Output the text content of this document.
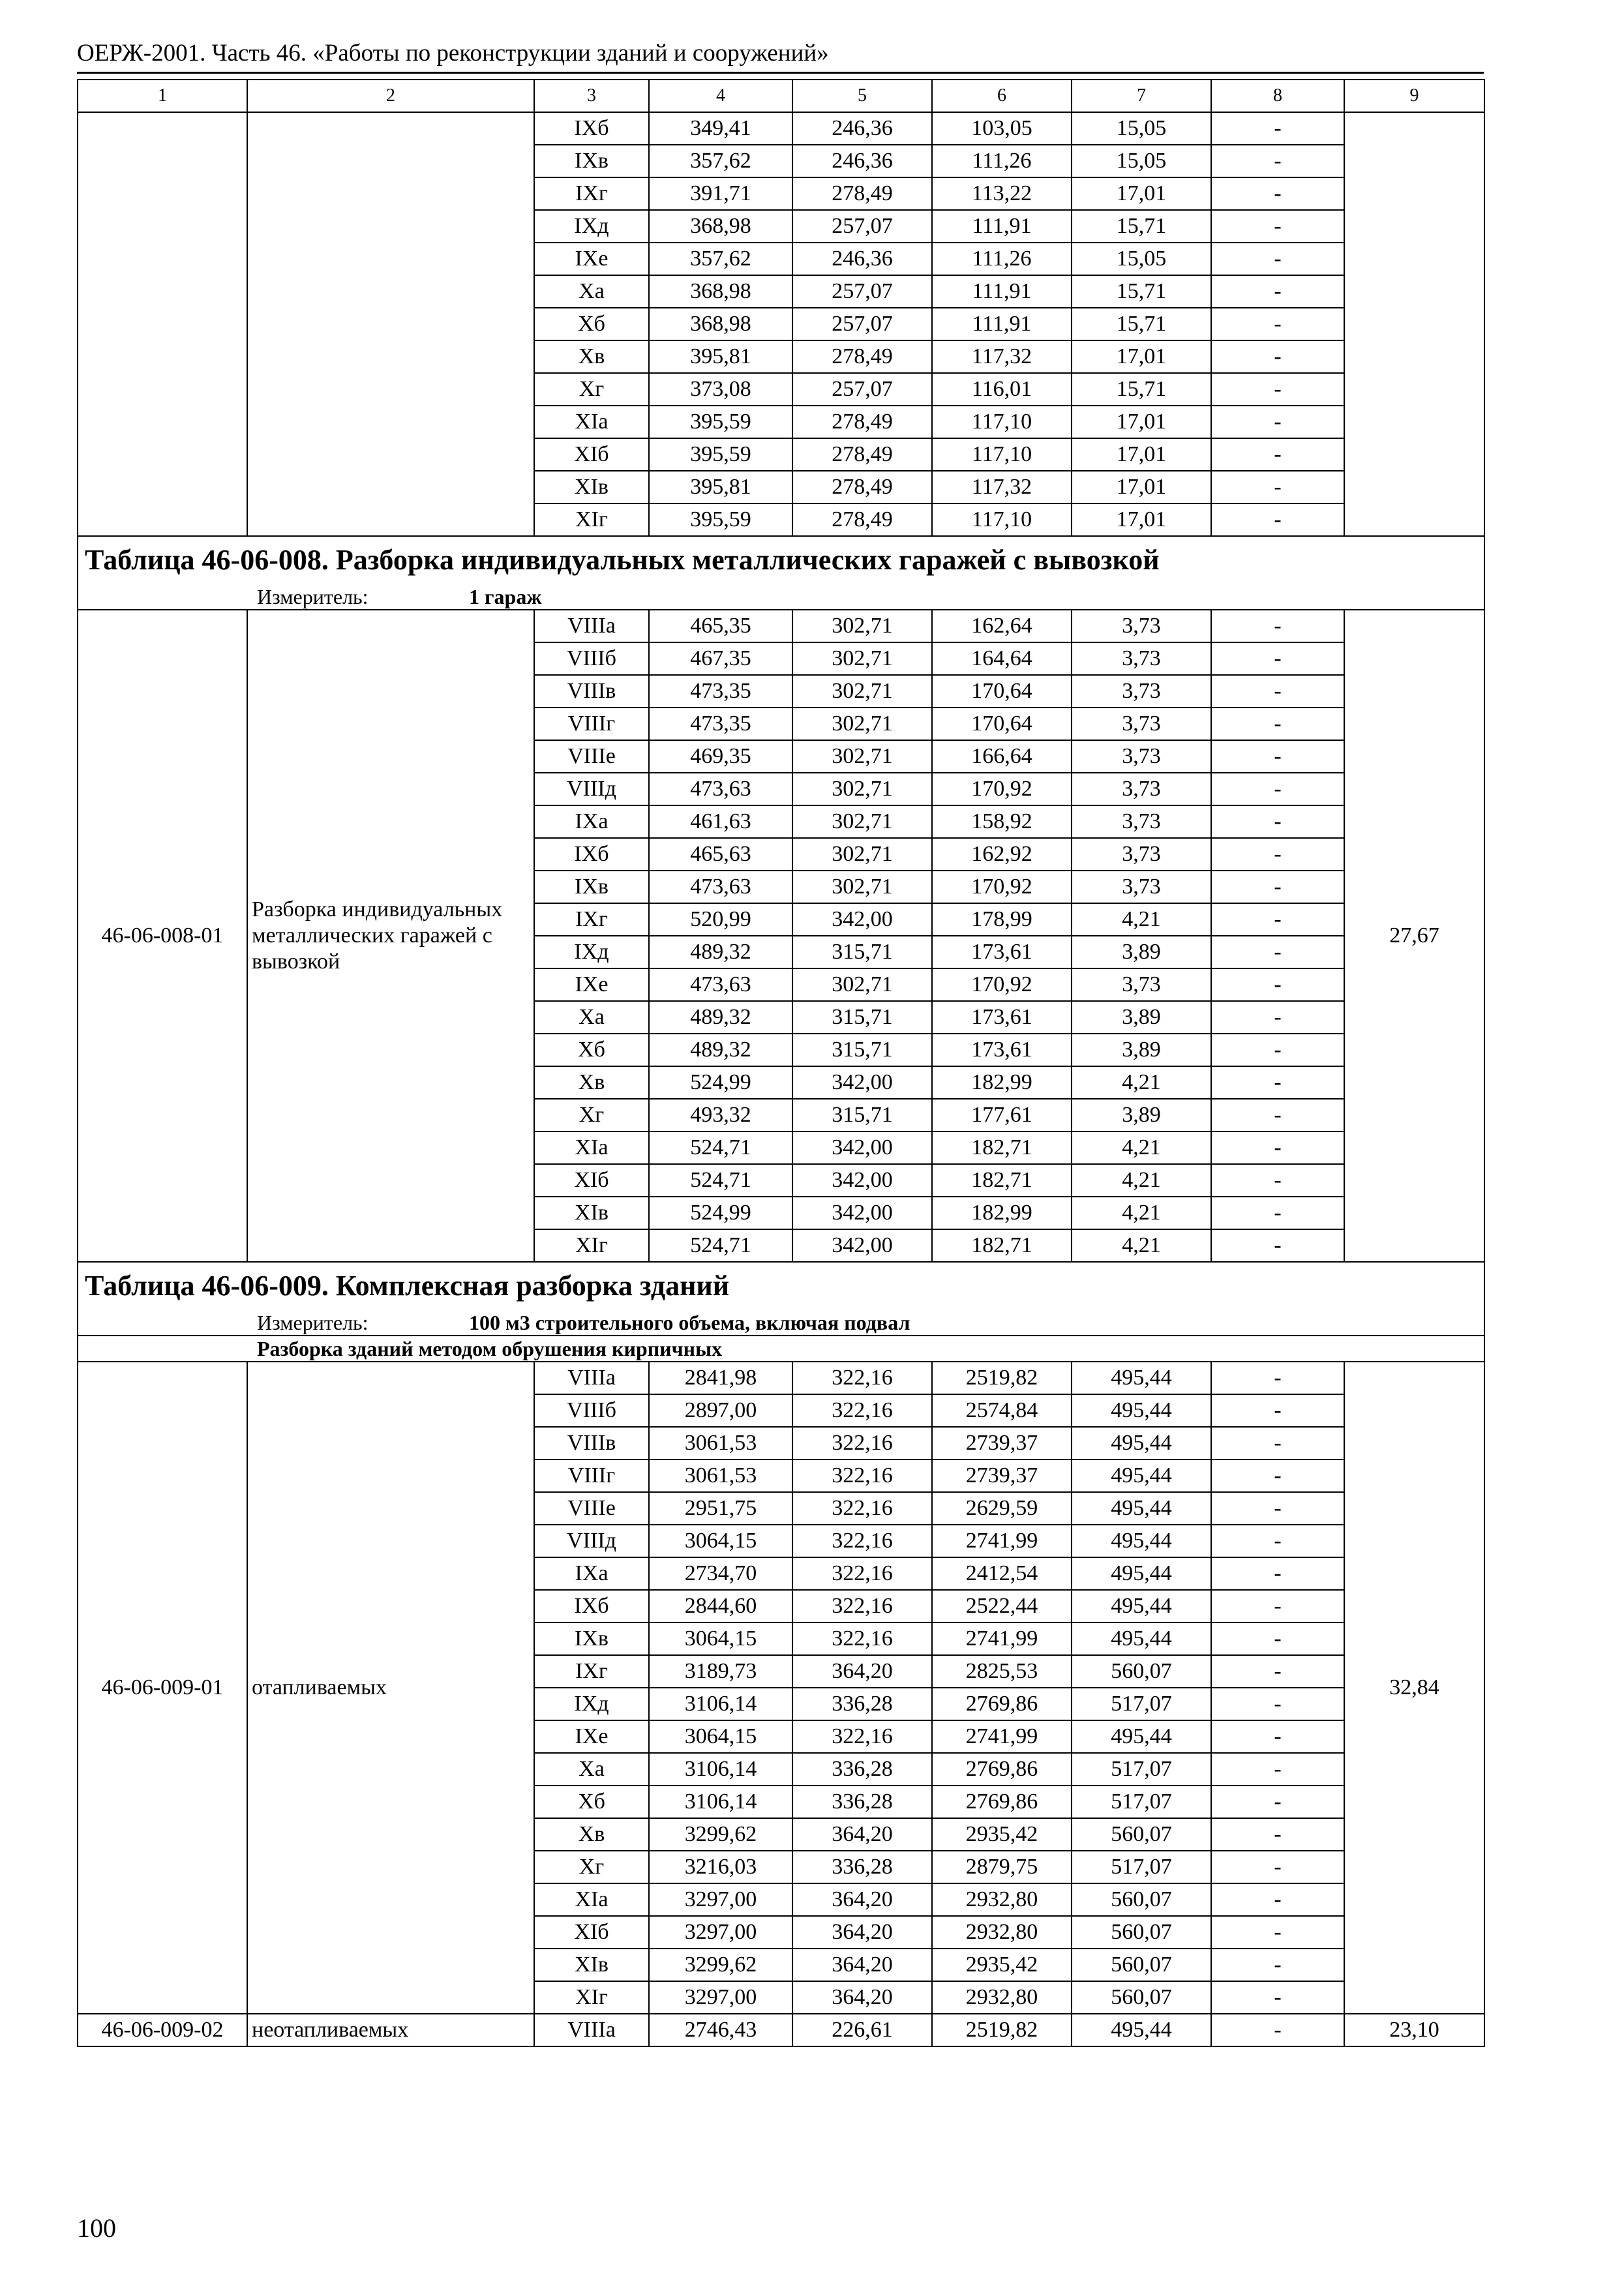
ОЕРЖ-2001. Часть 46. «Работы по реконструкции зданий и сооружений»
1	2	3	4	5	6	7	8	9
		IXб	349,41	246,36	103,05	15,05	-	
		IXв	357,62	246,36	111,26	15,05	-	
		IXг	391,71	278,49	113,22	17,01	-	
		IXд	368,98	257,07	111,91	15,71	-	
		IXе	357,62	246,36	111,26	15,05	-	
		Xa	368,98	257,07	111,91	15,71	-	
		Xб	368,98	257,07	111,91	15,71	-	
		Xв	395,81	278,49	117,32	17,01	-	
		Xг	373,08	257,07	116,01	15,71	-	
		XIa	395,59	278,49	117,10	17,01	-	
		XIб	395,59	278,49	117,10	17,01	-	
		XIв	395,81	278,49	117,32	17,01	-	
		XIг	395,59	278,49	117,10	17,01	-	
Таблица 46-06-008. Разборка индивидуальных металлических гаражей с вывозкой								
Измеритель: 1 гараж								
46-06-008-01	Разборка индивидуальных металлических гаражей с вывозкой	VIIIa	465,35	302,71	162,64	3,73	-	27,67
		VIIIб	467,35	302,71	164,64	3,73	-	
		VIIIв	473,35	302,71	170,64	3,73	-	
		VIIIг	473,35	302,71	170,64	3,73	-	
		VIIIе	469,35	302,71	166,64	3,73	-	
		VIIIд	473,63	302,71	170,92	3,73	-	
		IXa	461,63	302,71	158,92	3,73	-	
		IXб	465,63	302,71	162,92	3,73	-	
		IXв	473,63	302,71	170,92	3,73	-	
		IXг	520,99	342,00	178,99	4,21	-	
		IXд	489,32	315,71	173,61	3,89	-	
		IXе	473,63	302,71	170,92	3,73	-	
		Xa	489,32	315,71	173,61	3,89	-	
		Xб	489,32	315,71	173,61	3,89	-	
		Xв	524,99	342,00	182,99	4,21	-	
		Xг	493,32	315,71	177,61	3,89	-	
		XIa	524,71	342,00	182,71	4,21	-	
		XIб	524,71	342,00	182,71	4,21	-	
		XIв	524,99	342,00	182,99	4,21	-	
		XIг	524,71	342,00	182,71	4,21	-	
Таблица 46-06-009. Комплексная разборка зданий								
Измеритель: 100 м3 строительного объема, включая подвал								
Разборка зданий методом обрушения кирпичных								
46-06-009-01	отапливаемых	VIIIa	2841,98	322,16	2519,82	495,44	-	32,84
		VIIIб	2897,00	322,16	2574,84	495,44	-	
		VIIIв	3061,53	322,16	2739,37	495,44	-	
		VIIIг	3061,53	322,16	2739,37	495,44	-	
		VIIIе	2951,75	322,16	2629,59	495,44	-	
		VIIIд	3064,15	322,16	2741,99	495,44	-	
		IXa	2734,70	322,16	2412,54	495,44	-	
		IXб	2844,60	322,16	2522,44	495,44	-	
		IXв	3064,15	322,16	2741,99	495,44	-	
		IXг	3189,73	364,20	2825,53	560,07	-	
		IXд	3106,14	336,28	2769,86	517,07	-	
		IXе	3064,15	322,16	2741,99	495,44	-	
		Xa	3106,14	336,28	2769,86	517,07	-	
		Xб	3106,14	336,28	2769,86	517,07	-	
		Xв	3299,62	364,20	2935,42	560,07	-	
		Xг	3216,03	336,28	2879,75	517,07	-	
		XIa	3297,00	364,20	2932,80	560,07	-	
		XIб	3297,00	364,20	2932,80	560,07	-	
		XIв	3299,62	364,20	2935,42	560,07	-	
		XIг	3297,00	364,20	2932,80	560,07	-	
46-06-009-02	неотапливаемых	VIIIa	2746,43	226,61	2519,82	495,44	-	23,10
100
